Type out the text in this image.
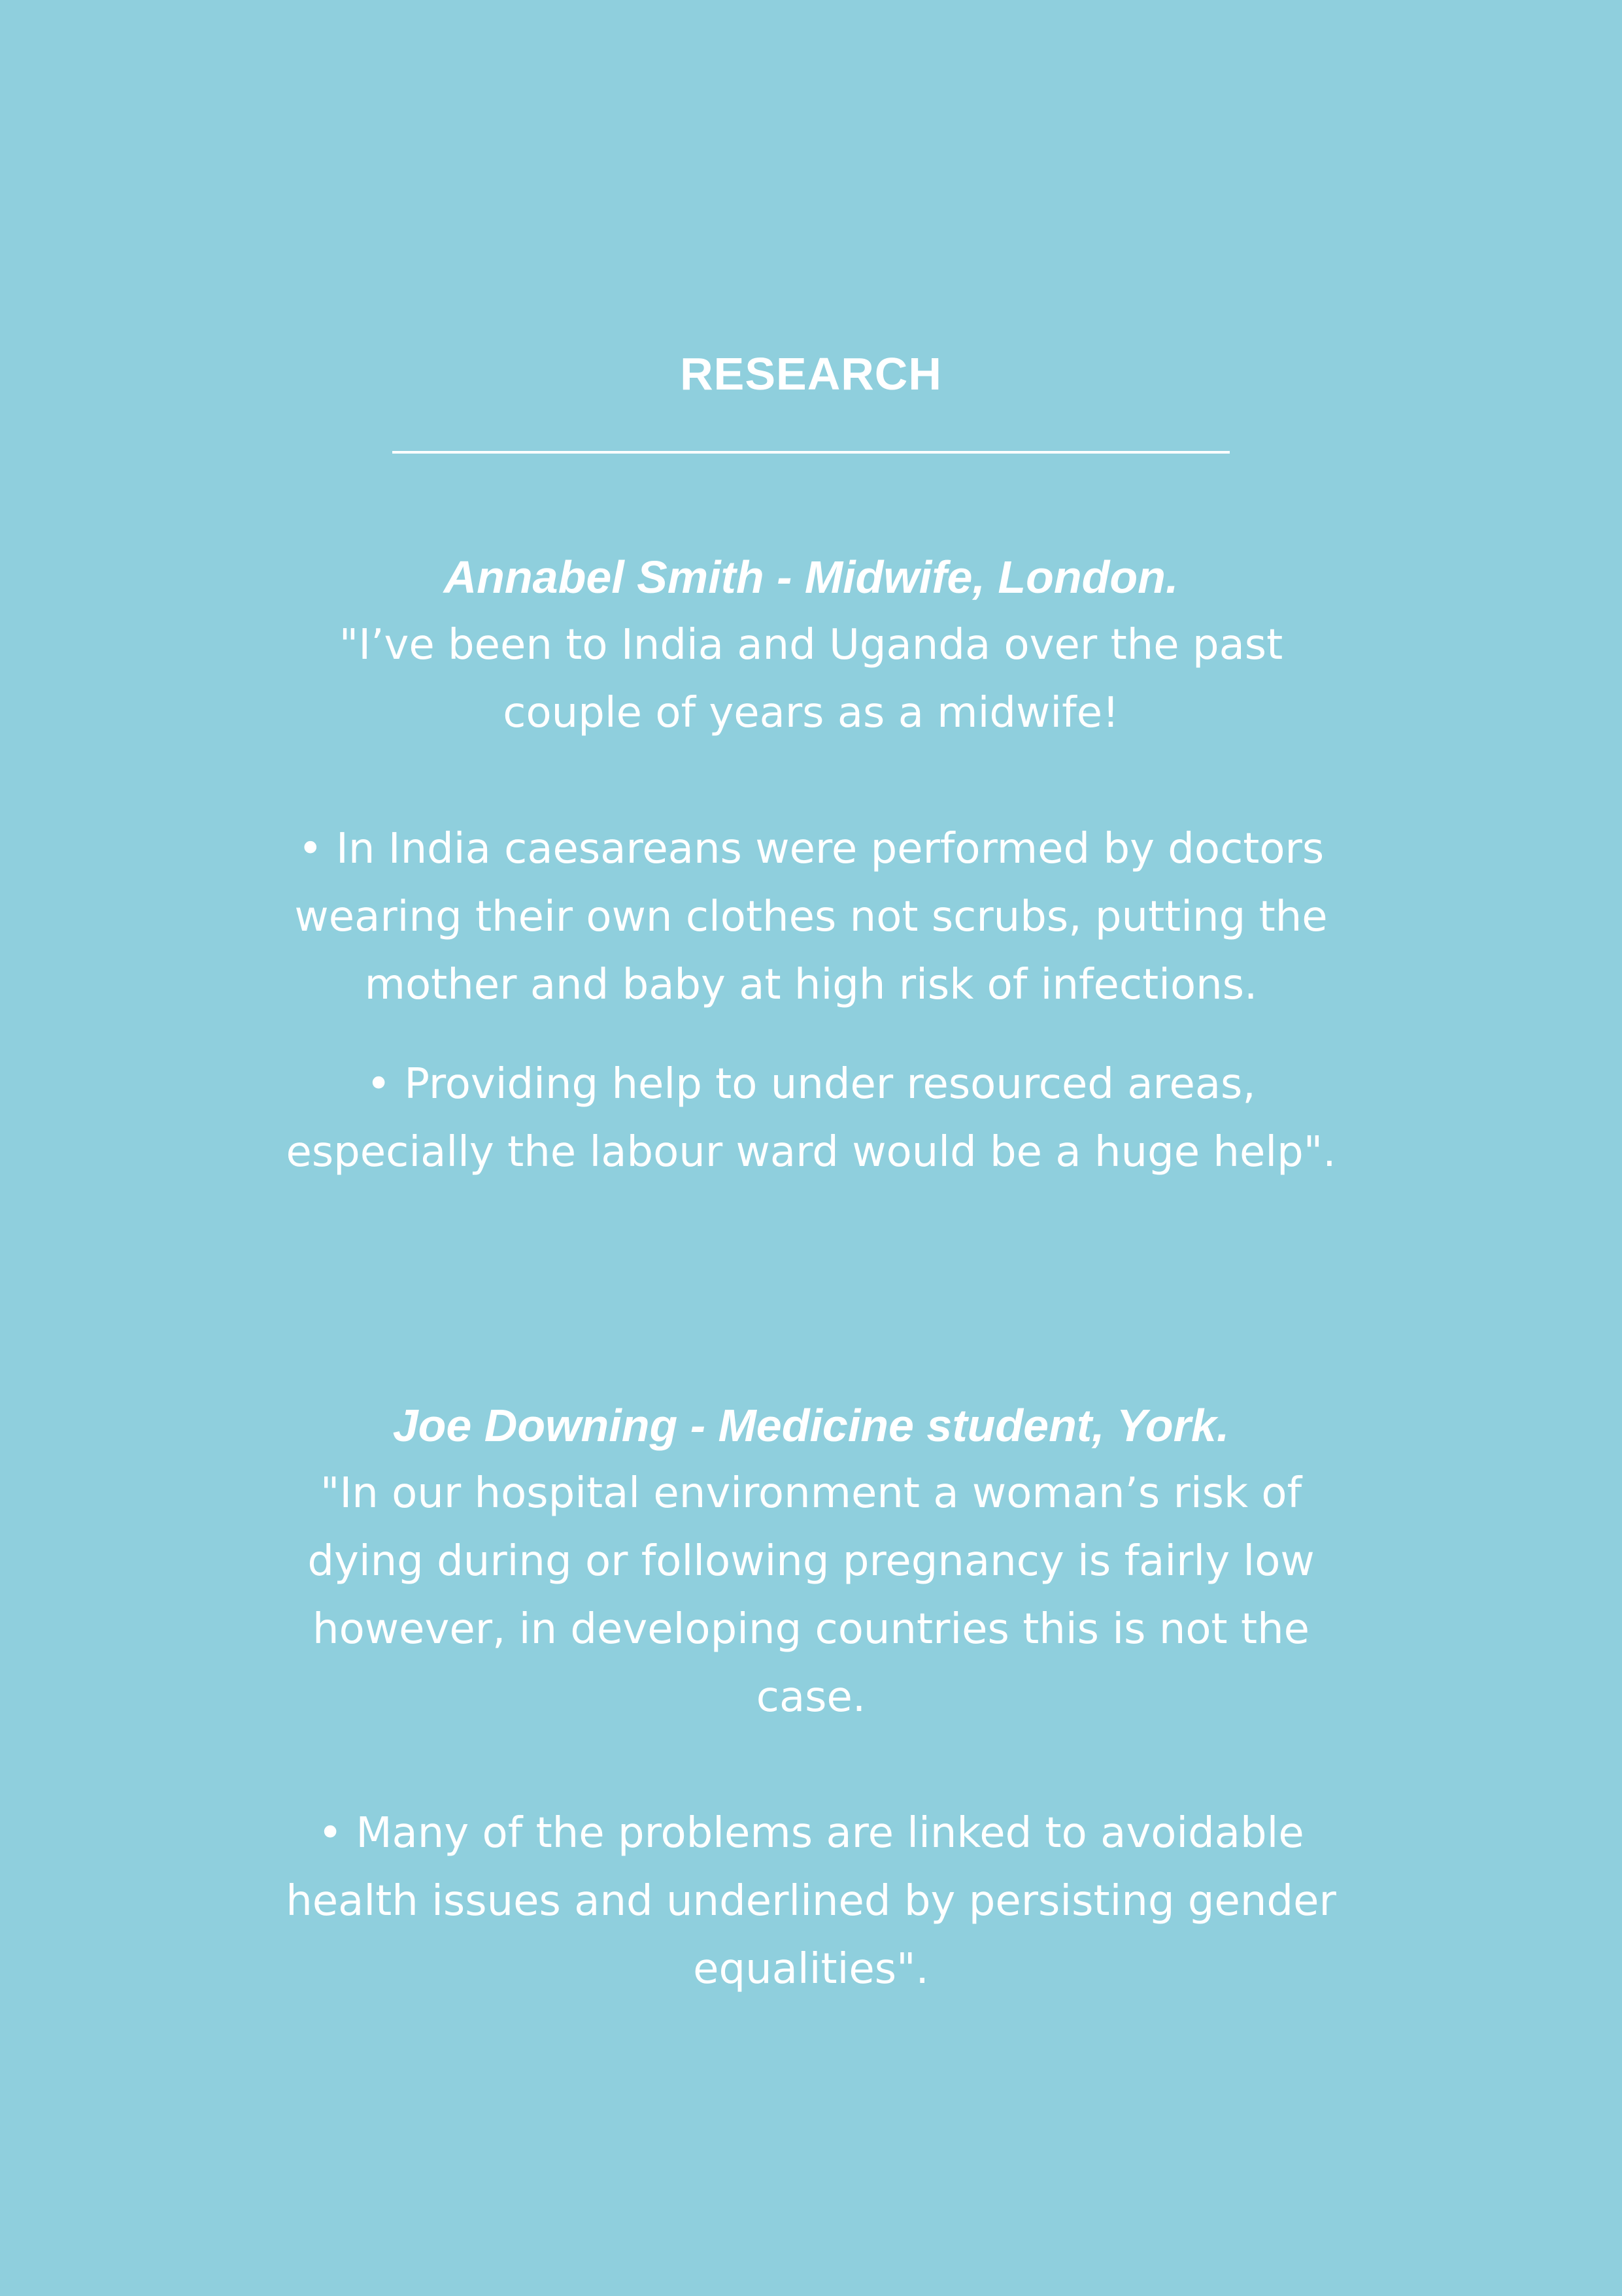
RESEARCH

Annabel Smith - Midwife, London.

"I’ve been to India and Uganda over the past

couple of years as a midwife!

• In India caesareans were performed by doctors

wearing their own clothes not scrubs, putting the

mother and baby at high risk of infections.

• Providing help to under resourced areas,

especially the labour ward would be a huge help".

Joe Downing - Medicine student, York.

"In our hospital environment a woman’s risk of

dying during or following pregnancy is fairly low

however, in developing countries this is not the

case.

• Many of the problems are linked to avoidable

health issues and underlined by persisting gender

equalities".
